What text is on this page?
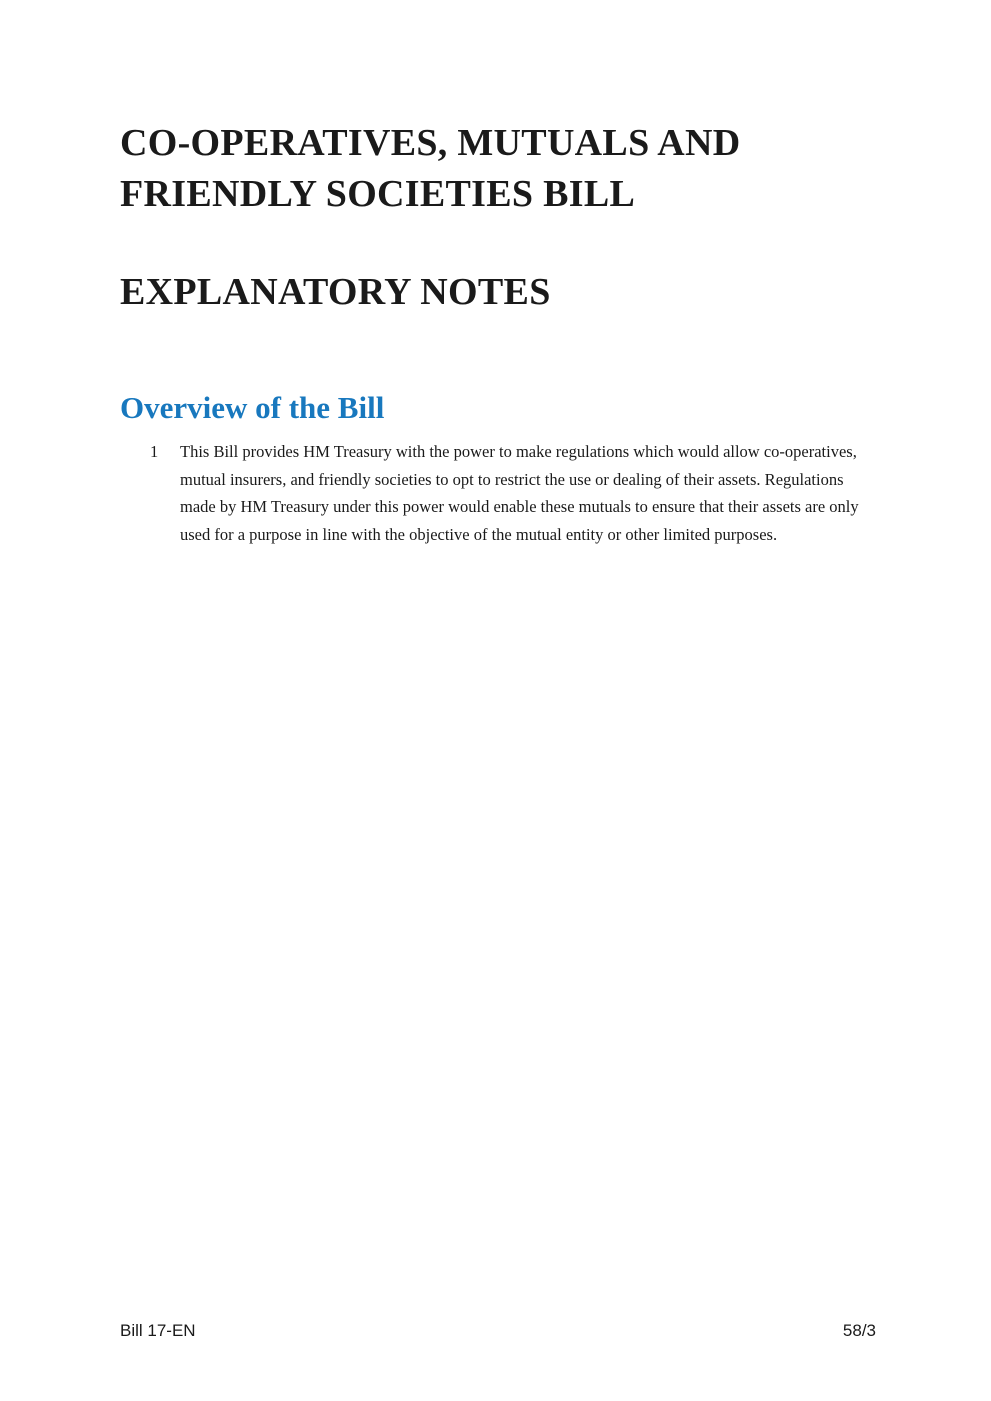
CO-OPERATIVES, MUTUALS AND FRIENDLY SOCIETIES BILL
EXPLANATORY NOTES
Overview of the Bill
1	This Bill provides HM Treasury with the power to make regulations which would allow co-operatives, mutual insurers, and friendly societies to opt to restrict the use or dealing of their assets. Regulations made by HM Treasury under this power would enable these mutuals to ensure that their assets are only used for a purpose in line with the objective of the mutual entity or other limited purposes.

Bill 17-EN	58/3
